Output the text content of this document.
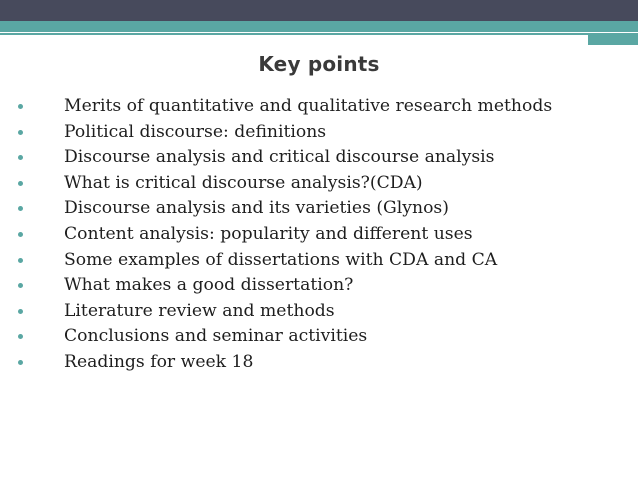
Key points
Merits of quantitative and qualitative research methods
Political discourse: definitions
Discourse analysis and critical discourse analysis
What is critical discourse analysis?(CDA)
Discourse analysis and its varieties (Glynos)
Content analysis: popularity and different uses
Some examples of dissertations with CDA and CA
What makes a good dissertation?
Literature review and methods
Conclusions and seminar activities
Readings for week 18
